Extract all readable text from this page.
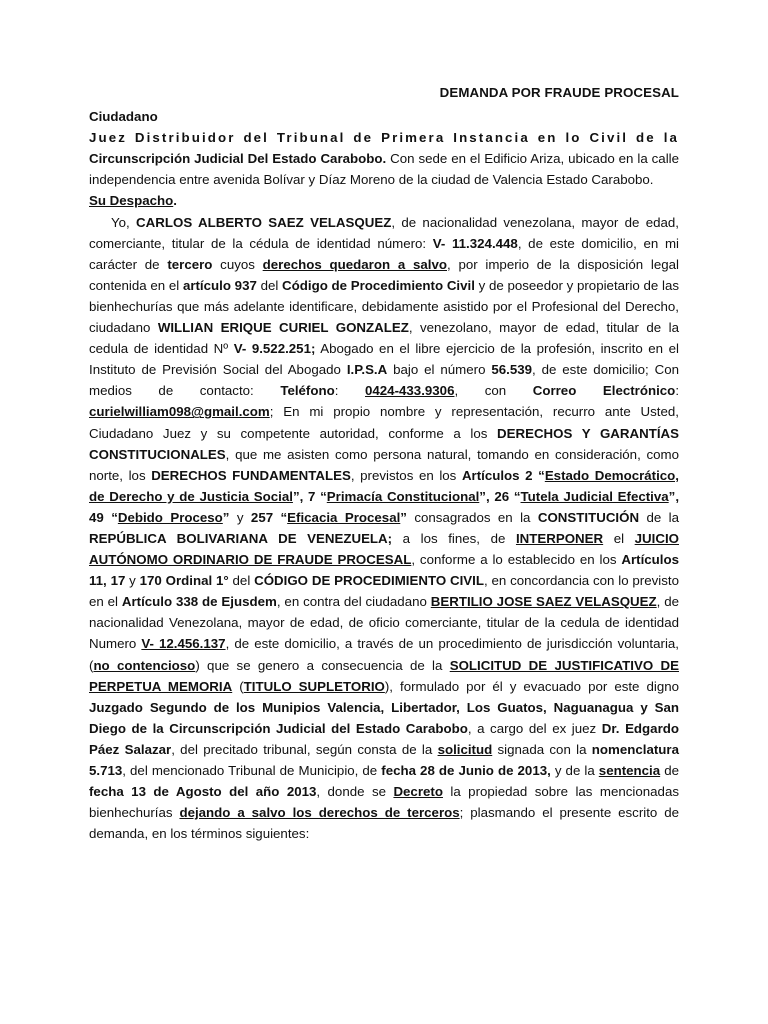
DEMANDA POR FRAUDE PROCESAL

Ciudadano
Juez Distribuidor del Tribunal de Primera Instancia en lo Civil de la Circunscripción Judicial Del Estado Carabobo. Con sede en el Edificio Ariza, ubicado en la calle independencia entre avenida Bolívar y Díaz Moreno de la ciudad de Valencia Estado Carabobo.
Su Despacho.

Yo, CARLOS ALBERTO SAEZ VELASQUEZ, de nacionalidad venezolana, mayor de edad, comerciante, titular de la cédula de identidad número: V- 11.324.448, de este domicilio, en mi carácter de tercero cuyos derechos quedaron a salvo, por imperio de la disposición legal contenida en el artículo 937 del Código de Procedimiento Civil y de poseedor y propietario de las bienhechurías que más adelante identificare, debidamente asistido por el Profesional del Derecho, ciudadano WILLIAN ERIQUE CURIEL GONZALEZ, venezolano, mayor de edad, titular de la cedula de identidad Nº V- 9.522.251; Abogado en el libre ejercicio de la profesión, inscrito en el Instituto de Previsión Social del Abogado I.P.S.A bajo el número 56.539, de este domicilio; Con medios de contacto: Teléfono: 0424-433.9306, con Correo Electrónico: curielwilliam098@gmail.com; En mi propio nombre y representación, recurro ante Usted, Ciudadano Juez y su competente autoridad, conforme a los DERECHOS Y GARANTÍAS CONSTITUCIONALES, que me asisten como persona natural, tomando en consideración, como norte, los DERECHOS FUNDAMENTALES, previstos en los Artículos 2 “Estado Democrático, de Derecho y de Justicia Social”, 7 “Primacía Constitucional”, 26 “Tutela Judicial Efectiva”, 49 “Debido Proceso” y 257 “Eficacia Procesal” consagrados en la CONSTITUCIÓN de la REPÚBLICA BOLIVARIANA DE VENEZUELA; a los fines, de INTERPONER el JUICIO AUTÓNOMO ORDINARIO DE FRAUDE PROCESAL, conforme a lo establecido en los Artículos 11, 17 y 170 Ordinal 1° del CÓDIGO DE PROCEDIMIENTO CIVIL, en concordancia con lo previsto en el Artículo 338 de Ejusdem, en contra del ciudadano BERTILIO JOSE SAEZ VELASQUEZ, de nacionalidad Venezolana, mayor de edad, de oficio comerciante, titular de la cedula de identidad Numero V- 12.456.137, de este domicilio, a través de un procedimiento de jurisdicción voluntaria, (no contencioso) que se genero a consecuencia de la SOLICITUD DE JUSTIFICATIVO DE PERPETUA MEMORIA (TITULO SUPLETORIO), formulado por él y evacuado por este digno Juzgado Segundo de los Munipios Valencia, Libertador, Los Guatos, Naguanagua y San Diego de la Circunscripción Judicial del Estado Carabobo, a cargo del ex juez Dr. Edgardo Páez Salazar, del precitado tribunal, según consta de la solicitud signada con la nomenclatura 5.713, del mencionado Tribunal de Municipio, de fecha 28 de Junio de 2013, y de la sentencia de fecha 13 de Agosto del año 2013, donde se Decreto la propiedad sobre las mencionadas bienhechurías dejando a salvo los derechos de terceros; plasmando el presente escrito de demanda, en los términos siguientes:
